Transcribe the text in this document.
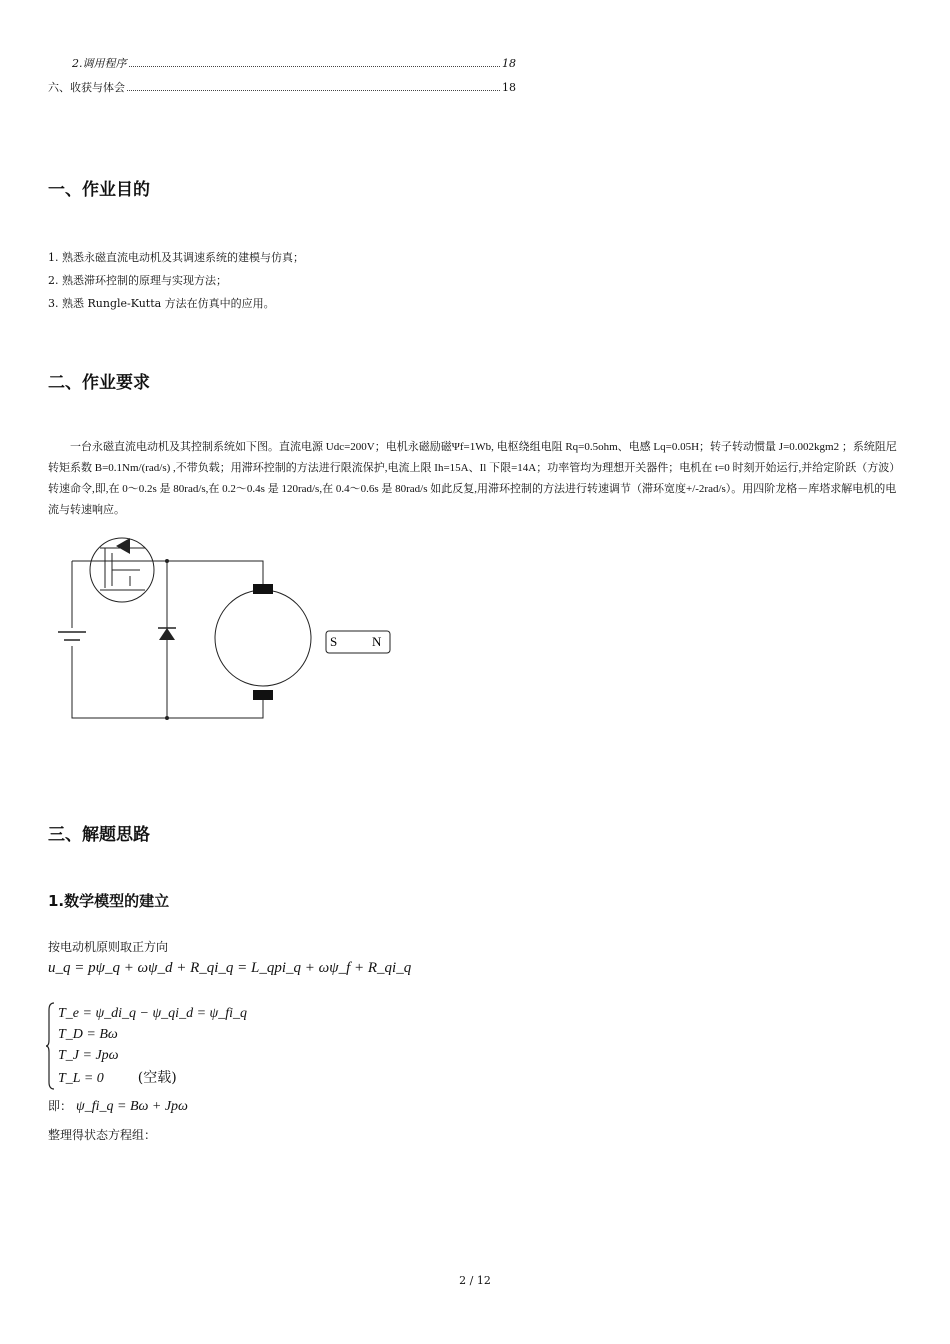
2.调用程序	18
六、收获与体会	18
一、作业目的
1. 熟悉永磁直流电动机及其调速系统的建模与仿真；
2. 熟悉滞环控制的原理与实现方法；
3. 熟悉 Rungle-Kutta 方法在仿真中的应用。
二、作业要求
一台永磁直流电动机及其控制系统如下图。直流电源 Udc=200V；电机永磁励磁Ψf=1Wb, 电枢绕组电阻 Rq=0.5ohm、电感 Lq=0.05H；转子转动惯量 J=0.002kgm2 ；系统阻尼转矩系数 B=0.1Nm/(rad/s) ,不带负载；用滞环控制的方法进行限流保护,电流上限 Ih=15A、Il 下限=14A；功率管均为理想开关器件；电机在 t=0 时刻开始运行,并给定阶跃（方波）转速命令,即,在 0～0.2s 是 80rad/s,在 0.2～0.4s 是 120rad/s,在 0.4～0.6s 是 80rad/s 如此反复,用滞环控制的方法进行转速调节（滞环宽度+/-2rad/s）。用四阶龙格－库塔求解电机的电流与转速响应。
S	N
三、解题思路
1.数学模型的建立
按电动机原则取正方向
u_q = pψ_q + ωψ_d + R_qi_q = L_qpi_q + ωψ_f + R_qi_q
T_e = ψ_di_q − ψ_qi_d = ψ_fi_q
T_D = Bω
T_J = Jpω
T_L = 0 (空载)
即： ψ_fi_q = Bω + Jpω
整理得状态方程组：
2 / 12
